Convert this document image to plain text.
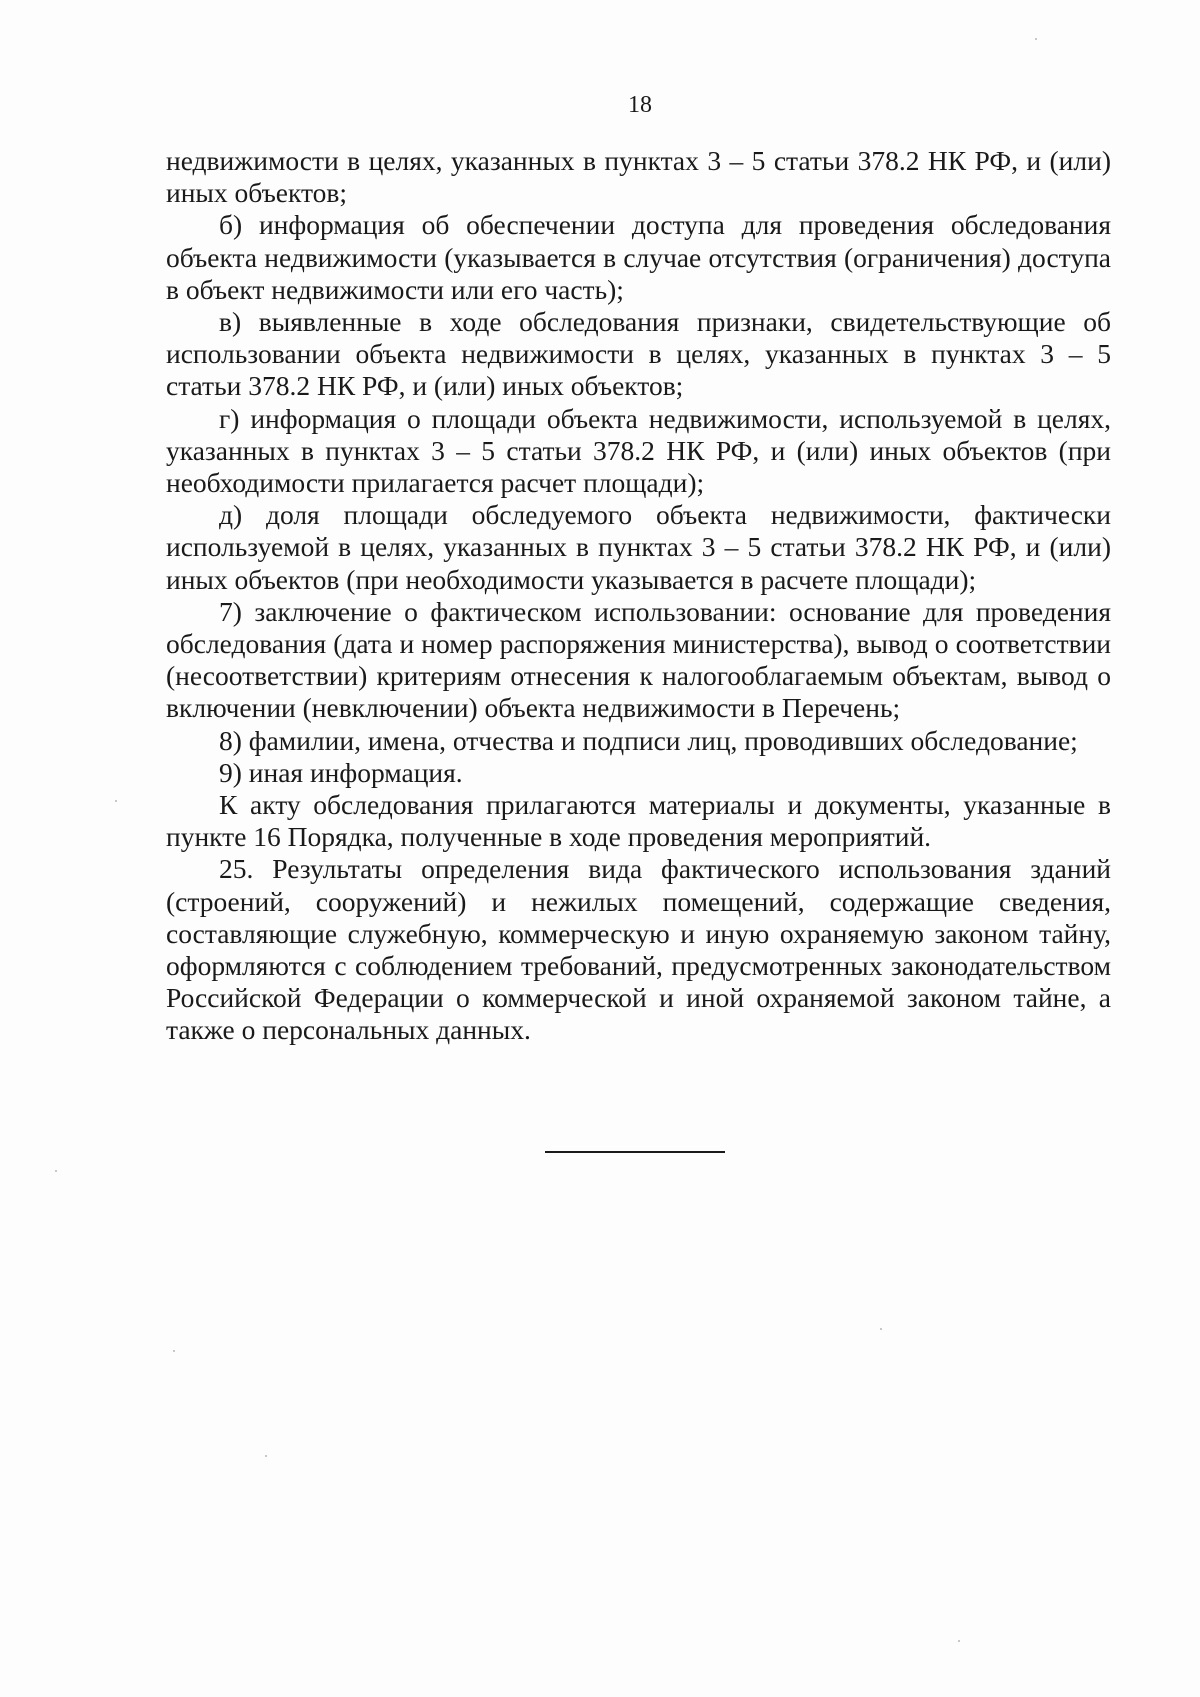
18

недвижимости в целях, указанных в пунктах 3 – 5 статьи 378.2 НК РФ, и (или) иных объектов;

б) информация об обеспечении доступа для проведения обследования объекта недвижимости (указывается в случае отсутствия (ограничения) доступа в объект недвижимости или его часть);

в) выявленные в ходе обследования признаки, свидетельствующие об использовании объекта недвижимости в целях, указанных в пунктах 3 – 5 статьи 378.2 НК РФ, и (или) иных объектов;

г) информация о площади объекта недвижимости, используемой в целях, указанных в пунктах 3 – 5 статьи 378.2 НК РФ, и (или) иных объектов (при необходимости прилагается расчет площади);

д) доля площади обследуемого объекта недвижимости, фактически используемой в целях, указанных в пунктах 3 – 5 статьи 378.2 НК РФ, и (или) иных объектов (при необходимости указывается в расчете площади);

7) заключение о фактическом использовании: основание для проведения обследования (дата и номер распоряжения министерства), вывод о соответствии (несоответствии) критериям отнесения к налогооблагаемым объектам, вывод о включении (невключении) объекта недвижимости в Перечень;

8) фамилии, имена, отчества и подписи лиц, проводивших обследование;

9) иная информация.

К акту обследования прилагаются материалы и документы, указанные в пункте 16 Порядка, полученные в ходе проведения мероприятий.

25. Результаты определения вида фактического использования зданий (строений, сооружений) и нежилых помещений, содержащие сведения, составляющие служебную, коммерческую и иную охраняемую законом тайну, оформляются с соблюдением требований, предусмотренных законодательством Российской Федерации о коммерческой и иной охраняемой законом тайне, а также о персональных данных.
